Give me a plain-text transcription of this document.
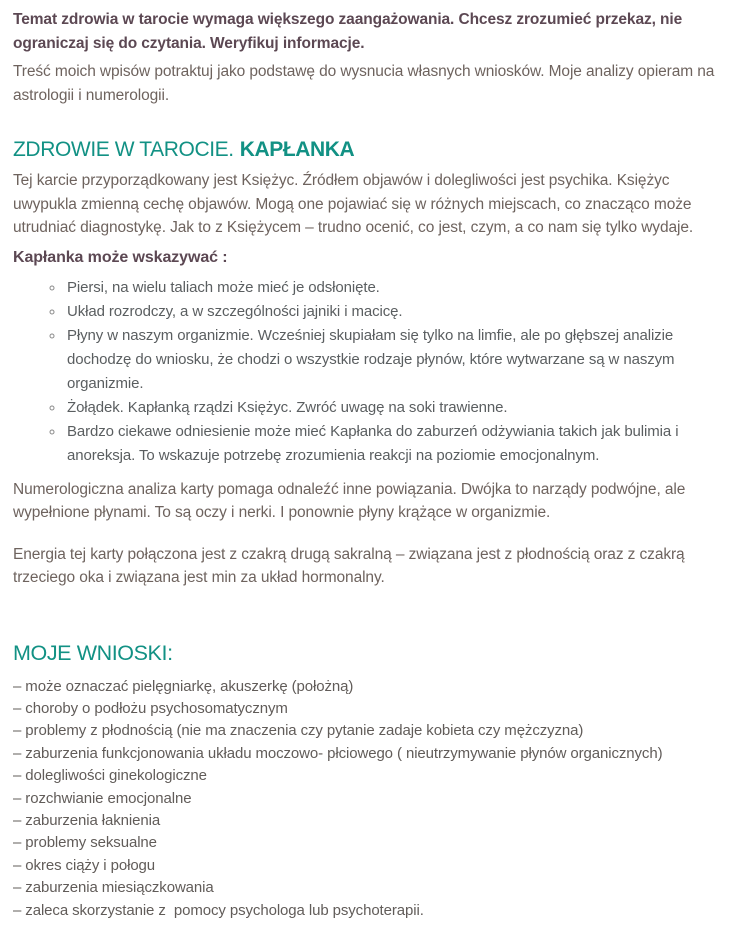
Temat zdrowia w tarocie wymaga większego zaangażowania. Chcesz zrozumieć przekaz, nie ograniczaj się do czytania. Weryfikuj informacje.

Treść moich wpisów potraktuj jako podstawę do wysnucia własnych wniosków. Moje analizy opieram na astrologii i numerologii.

ZDROWIE W TAROCIE. KAPŁANKA

Tej karcie przyporządkowany jest Księżyc. Źródłem objawów i dolegliwości jest psychika. Księżyc uwypukla zmienną cechę objawów. Mogą one pojawiać się w różnych miejscach, co znacząco może utrudniać diagnostykę. Jak to z Księżycem – trudno ocenić, co jest, czym, a co nam się tylko wydaje.

Kapłanka może wskazywać :

◦ Piersi, na wielu taliach może mieć je odsłonięte.
◦ Układ rozrodczy, a w szczególności jajniki i macicę.
◦ Płyny w naszym organizmie. Wcześniej skupiałam się tylko na limfie, ale po głębszej analizie dochodzę do wniosku, że chodzi o wszystkie rodzaje płynów, które wytwarzane są w naszym organizmie.
◦ Żołądek. Kapłanką rządzi Księżyc. Zwróć uwagę na soki trawienne.
◦ Bardzo ciekawe odniesienie może mieć Kapłanka do zaburzeń odżywiania takich jak bulimia i anoreksja. To wskazuje potrzebę zrozumienia reakcji na poziomie emocjonalnym.

Numerologiczna analiza karty pomaga odnaleźć inne powiązania. Dwójka to narządy podwójne, ale wypełnione płynami. To są oczy i nerki. I ponownie płyny krążące w organizmie.

Energia tej karty połączona jest z czakrą drugą sakralną – związana jest z płodnością oraz z czakrą trzeciego oka i związana jest min za układ hormonalny.

MOJE WNIOSKI:

– może oznaczać pielęgniarkę, akuszerkę (położną)

– choroby o podłożu psychosomatycznym

– problemy z płodnością (nie ma znaczenia czy pytanie zadaje kobieta czy mężczyzna)

– zaburzenia funkcjonowania układu moczowo- płciowego ( nieutrzymywanie płynów organicznych)

– dolegliwości ginekologiczne

– rozchwianie emocjonalne

– zaburzenia łaknienia

– problemy seksualne

– okres ciąży i połogu

– zaburzenia miesiączkowania

– zaleca skorzystanie z  pomocy psychologa lub psychoterapii.
